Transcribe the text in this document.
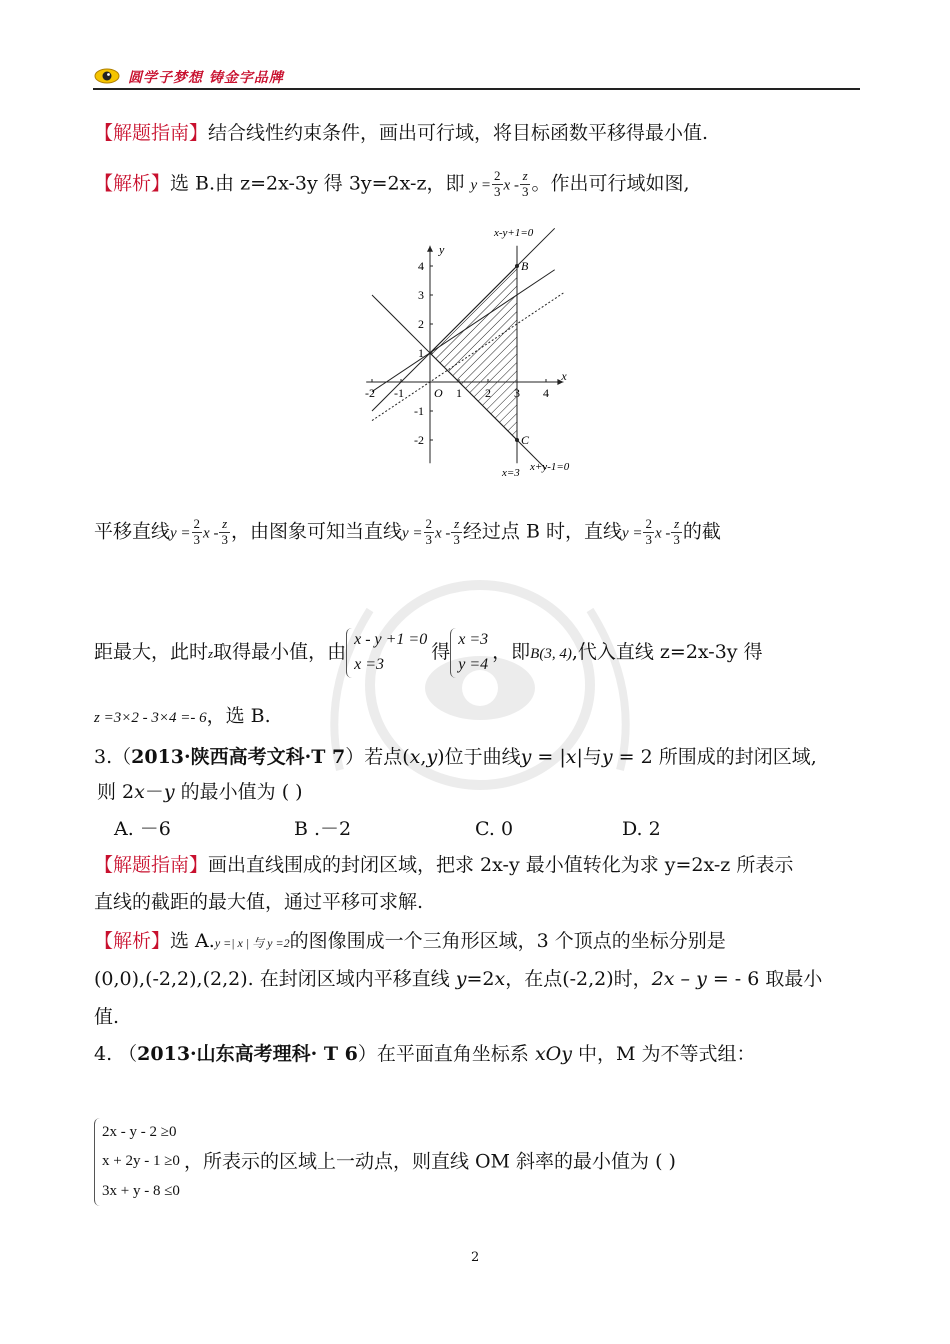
圆学子梦想 铸金字品牌
【解题指南】结合线性约束条件，画出可行域，将目标函数平移得最小值.
【解析】选 B.由 z=2x-3y 得 3y=2x-z，即 $y = \frac{2}{3}$ x - $\frac{z}{3}$ 。作出可行域如图,
-2 -1	1 2 3 4
4
3
2
1
-1
-2
x
y
O
B
C
x-y+1=0
x+y-1=0
x=3
平移直线$y = \frac{2}{3}$ x - $\frac{z}{3}$ ，由图象可知当直线$y = \frac{2}{3}$ x - $\frac{z}{3}$ 经过点 B 时，直线$y = \frac{2}{3}$ x - $\frac{z}{3}$ 的截
距最大，此时z取得最小值，由
x - y +1 =0
x =3
得
x =3
y =4
，即B(3, 4),代入直线 z=2x-3y 得
z =3×2 - 3×4 =- 6，选 B.
3.（2013·陕西高考文科·T 7）若点(x,y)位于曲线y = |x|与y = 2 所围成的封闭区域,
则 2x－y 的最小值为 ( )
A. －6	B .－2	C. 0	D. 2
【解题指南】画出直线围成的封闭区域，把求 2x-y 最小值转化为求 y=2x-z 所表示
直线的截距的最大值，通过平移可求解.
【解析】选 A.y =| x | 与 y =2的图像围成一个三角形区域，3 个顶点的坐标分别是
(0,0),(-2,2),(2,2). 在封闭区域内平移直线 y=2x，在点(-2,2)时，2x – y = - 6 取最小
值.
4. （2013·山东高考理科· T 6）在平面直角坐标系 xOy 中，M 为不等式组：
2x - y - 2 ≥0
x + 2y - 1 ≥0
3x + y - 8 ≤0
，所表示的区域上一动点，则直线 OM 斜率的最小值为 ( )
2
